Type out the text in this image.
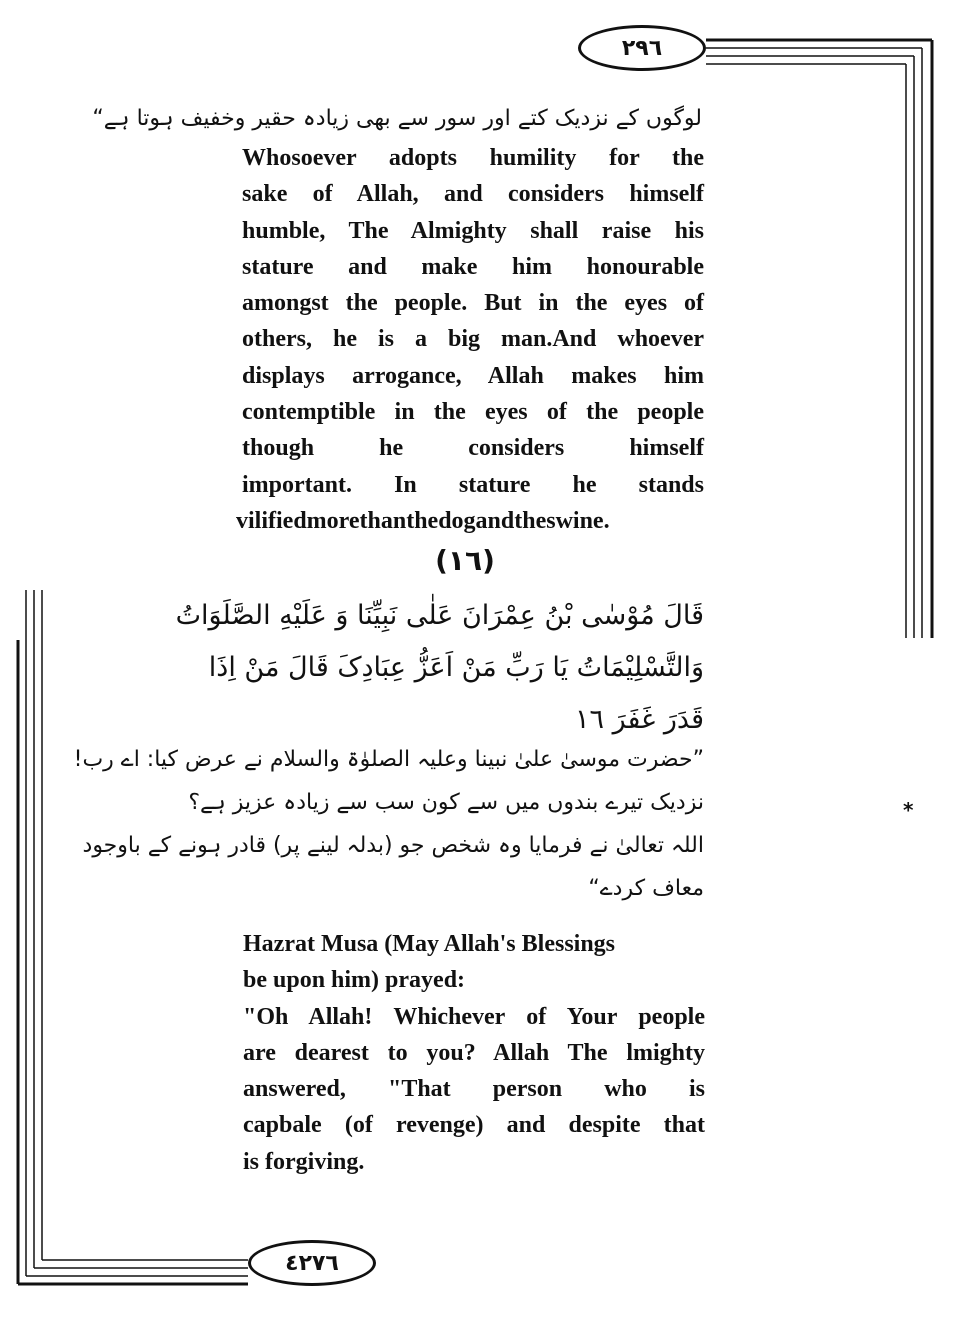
٢٩٦
٤٢٧٦
لوگوں کے نزدیک کتے اور سور سے بھی زیادہ حقیر وخفیف ہوتا ہے“
Whosoever adopts humility for the
sake of Allah, and considers himself
humble, The Almighty shall raise his
stature and make him honourable
amongst the people. But in the eyes of
others, he is a big man.And whoever
displays arrogance, Allah makes him
contemptible in the eyes of the people
though he considers himself
important. In stature he stands
vilifiedmorethanthedogandtheswine.
(١٦)
قَالَ مُوْسٰی بْنُ عِمْرَانَ عَلٰی نَبِیِّنَا وَ عَلَیْهِ الصَّلَوَاتُ
وَالتَّسْلِیْمَاتُ یَا رَبِّ مَنْ اَعَزُّ عِبَادِکَ قَالَ مَنْ اِذَا
قَدَرَ غَفَرَ ١٦
”حضرت موسیٰ علیٰ نبینا وعلیہ الصلوٰۃ والسلام نے عرض کیا: اے رب!
نزدیک تیرے بندوں میں سے کون سب سے زیادہ عزیز ہے؟
اللہ تعالیٰ نے فرمایا وہ شخص جو (بدلہ لینے پر) قادر ہونے کے باوجود
معاف کردے“
*
Hazrat Musa (May Allah's Blessings
be upon him) prayed:
"Oh Allah! Whichever of Your people
are dearest to you? Allah The lmighty
answered, "That person who is
capbale (of revenge) and despite that
is forgiving.
